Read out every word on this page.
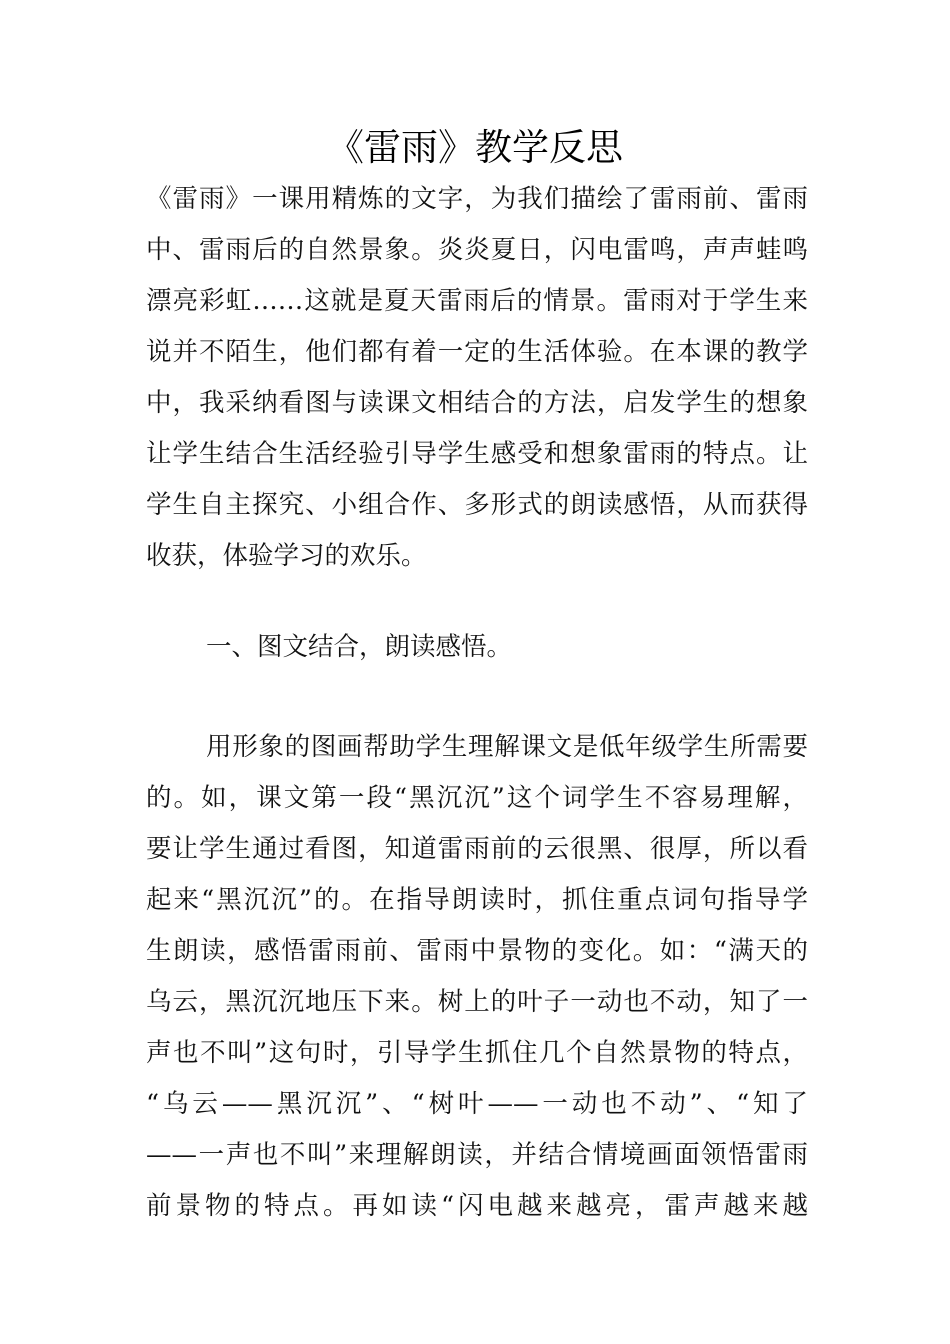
《雷雨》教学反思
《雷雨》一课用精炼的文字，为我们描绘了雷雨前、雷雨
中、雷雨后的自然景象。炎炎夏日，闪电雷鸣，声声蛙鸣
漂亮彩虹……这就是夏天雷雨后的情景。雷雨对于学生来
说并不陌生，他们都有着一定的生活体验。在本课的教学
中，我采纳看图与读课文相结合的方法，启发学生的想象
让学生结合生活经验引导学生感受和想象雷雨的特点。让
学生自主探究、小组合作、多形式的朗读感悟，从而获得
收获，体验学习的欢乐。
一、图文结合，朗读感悟。
用形象的图画帮助学生理解课文是低年级学生所需要
的。如，课文第一段“黑沉沉”这个词学生不容易理解，
要让学生通过看图，知道雷雨前的云很黑、很厚，所以看
起来“黑沉沉”的。在指导朗读时，抓住重点词句指导学
生朗读，感悟雷雨前、雷雨中景物的变化。如：“满天的
乌云，黑沉沉地压下来。树上的叶子一动也不动，知了一
声也不叫”这句时，引导学生抓住几个自然景物的特点，
“乌云——黑沉沉”、“树叶——一动也不动”、“知了
——一声也不叫”来理解朗读，并结合情境画面领悟雷雨
前景物的特点。再如读“闪电越来越亮，雷声越来越
